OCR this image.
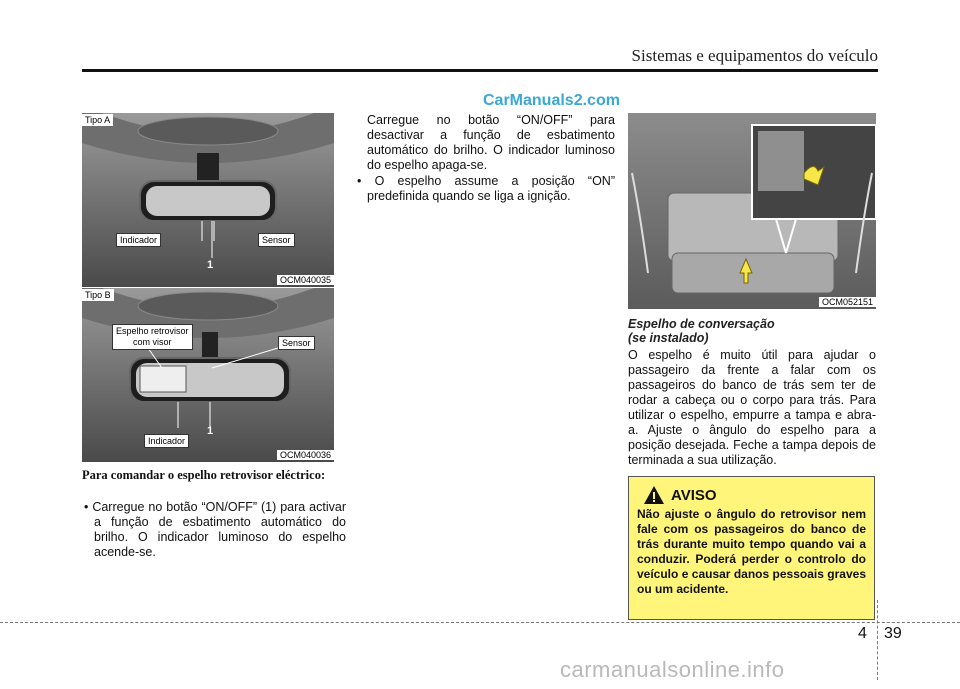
Sistemas e equipamentos do veículo
CarManuals2.com
Tipo A
Indicador	Sensor
1
OCM040035
Tipo B
Espelho retrovisor
com visor	Sensor
Indicador
1
OCM040036
Para comandar o espelho retrovisor eléctrico:
• Carregue no botão “ON/OFF” (1) para activar a função de esbatimento automático do brilho. O indicador luminoso do espelho acende-se.
Carregue no botão “ON/OFF” para desactivar a função de esbatimento automático do brilho. O indicador luminoso do espelho apaga-se.
• O espelho assume a posição “ON” predefinida quando se liga a ignição.
OCM052151
Espelho de conversação
(se instalado)
O espelho é muito útil para ajudar o passageiro da frente a falar com os passageiros do banco de trás sem ter de rodar a cabeça ou o corpo para trás. Para utilizar o espelho, empurre a tampa e abra-a. Ajuste o ângulo do espelho para a posição desejada. Feche a tampa depois de terminada a sua utilização.
AVISO
Não ajuste o ângulo do retrovisor nem fale com os passageiros do banco de trás durante muito tempo quando vai a conduzir. Poderá perder o controlo do veículo e causar danos pessoais graves ou um acidente.
4 39
carmanualsonline.info
